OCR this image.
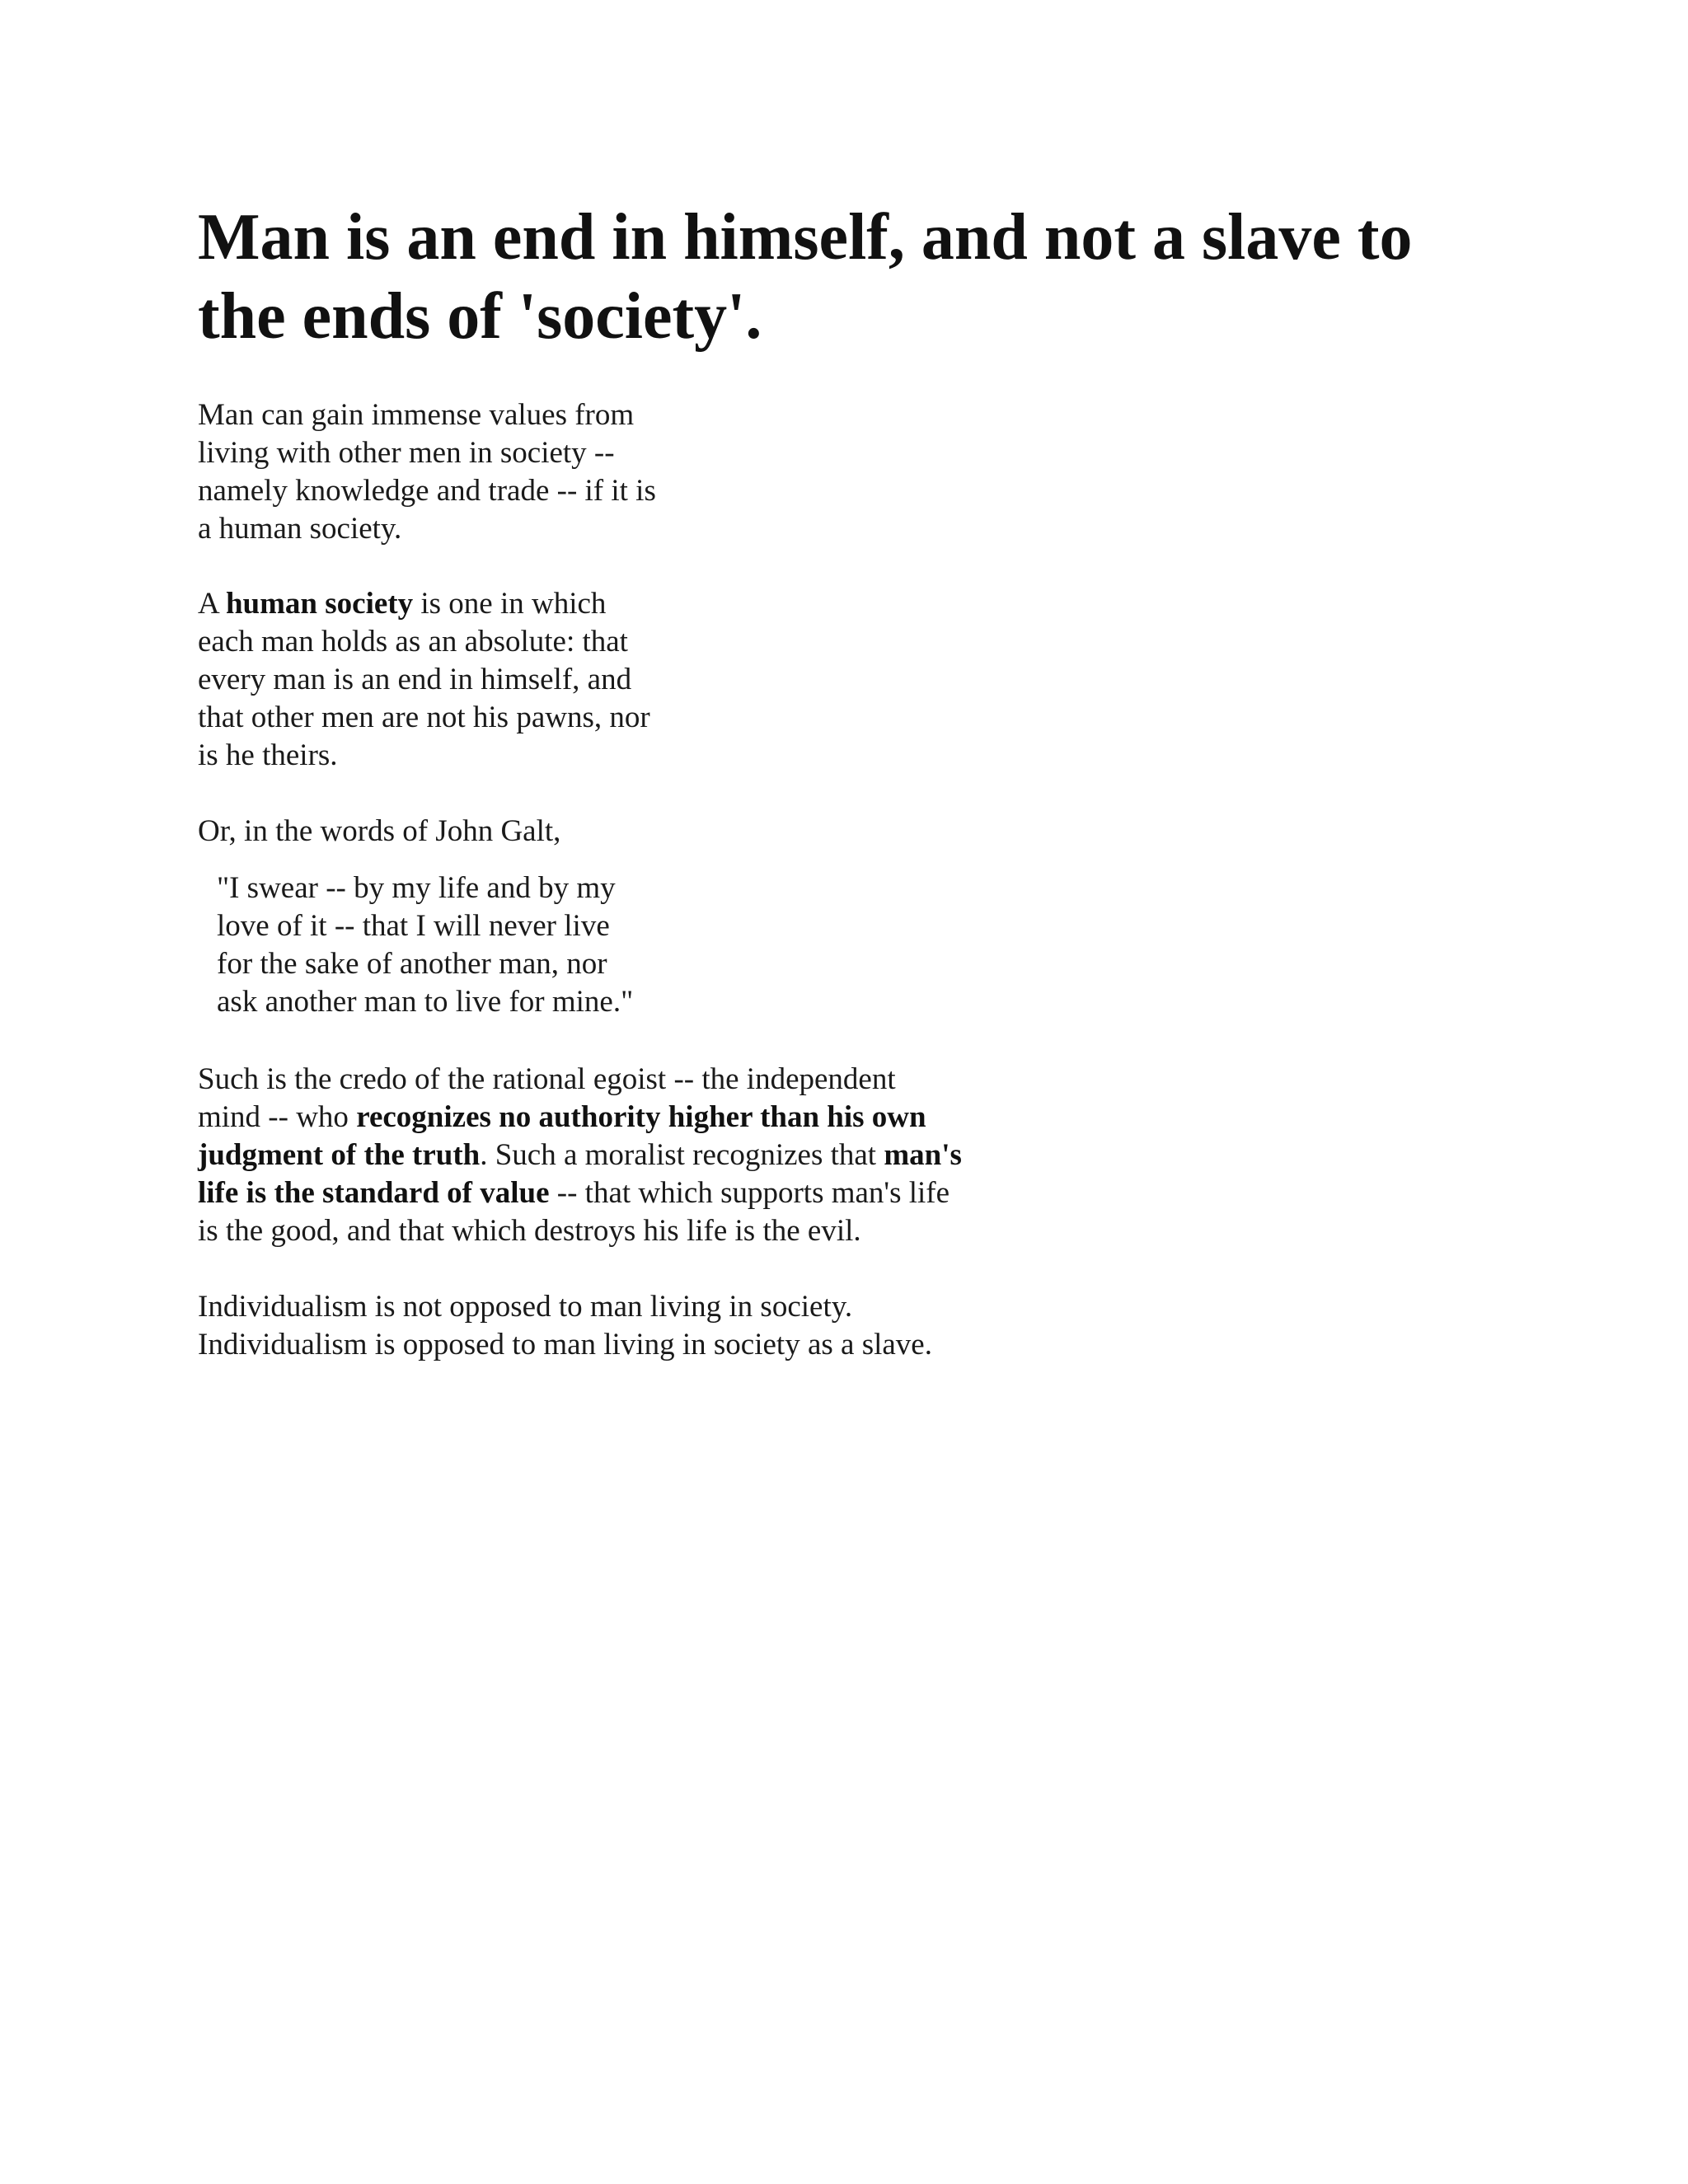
Man is an end in himself, and not a slave to
the ends of 'society'.

Man can gain immense values from
living with other men in society --
namely knowledge and trade -- if it is
a human society.

A human society is one in which
each man holds as an absolute: that
every man is an end in himself, and
that other men are not his pawns, nor
is he theirs.

Or, in the words of John Galt,

"I swear -- by my life and by my
love of it -- that I will never live
for the sake of another man, nor
ask another man to live for mine."

Such is the credo of the rational egoist -- the independent
mind -- who recognizes no authority higher than his own
judgment of the truth. Such a moralist recognizes that man's
life is the standard of value -- that which supports man's life
is the good, and that which destroys his life is the evil.

Individualism is not opposed to man living in society.
Individualism is opposed to man living in society as a slave.
